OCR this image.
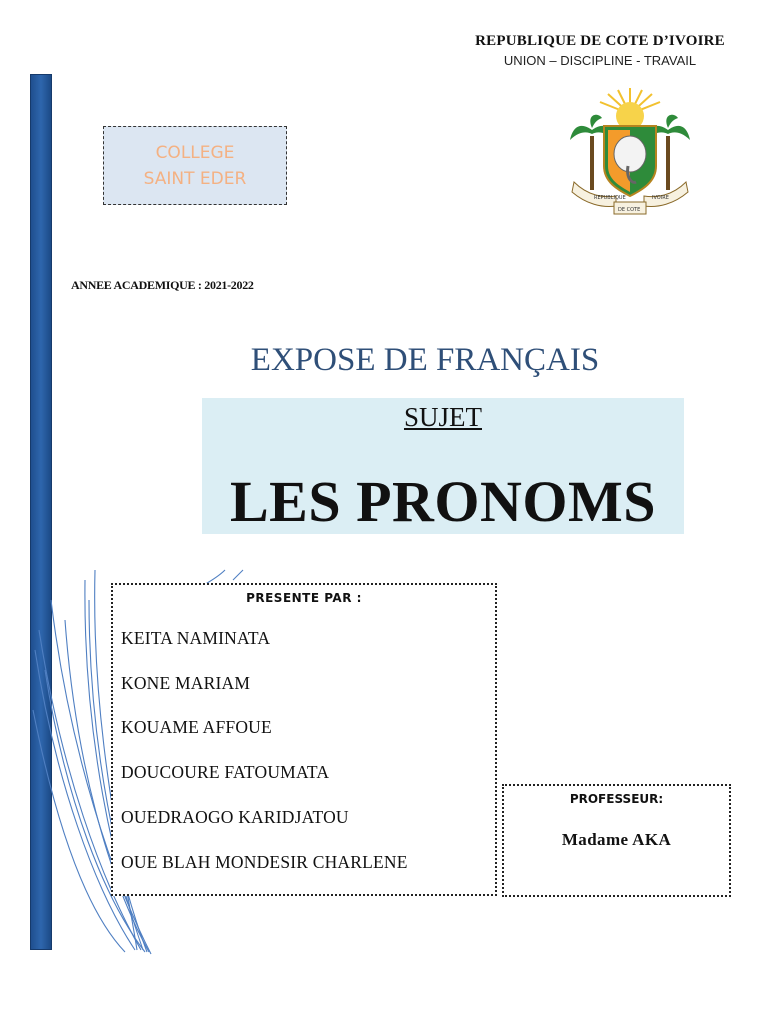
REPUBLIQUE DE COTE D’IVOIRE
UNION – DISCIPLINE - TRAVAIL
REPUBLIQUE	IVOIRE
DE COTE
COLLEGE
SAINT EDER
ANNEE ACADEMIQUE : 2021-2022
EXPOSE DE FRANÇAIS
SUJET
LES PRONOMS
PRESENTE PAR :
KEITA NAMINATA
KONE MARIAM
KOUAME AFFOUE
DOUCOURE FATOUMATA
OUEDRAOGO KARIDJATOU
OUE BLAH MONDESIR CHARLENE
PROFESSEUR:
Madame AKA
